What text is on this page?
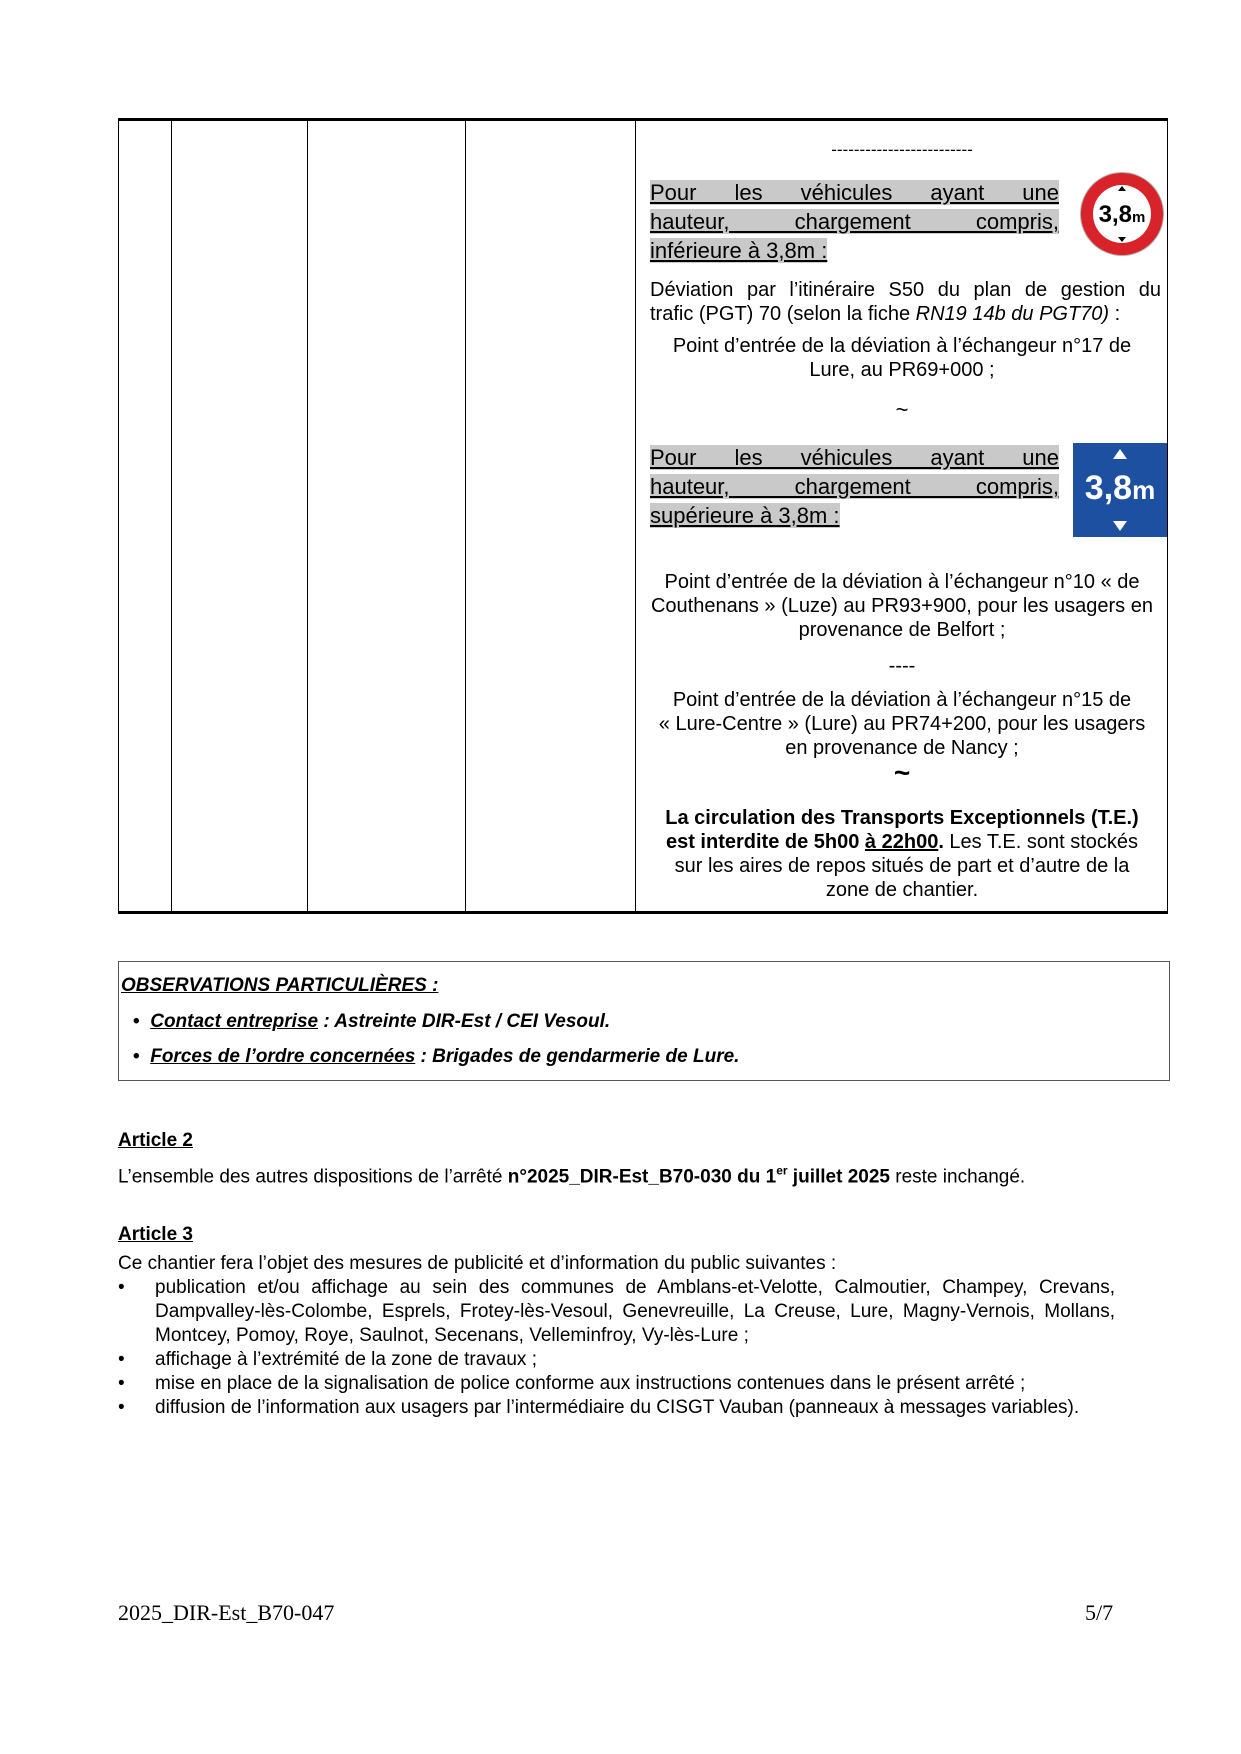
-------------------------
Pour les véhicules ayant une
hauteur, chargement compris,

inférieure à 3,8m :
3,8m
Déviation par l’itinéraire S50 du plan de gestion du
trafic (PGT) 70 (selon la fiche RN19 14b du PGT70) :
Point d’entrée de la déviation à l’échangeur n°17 de
Lure, au PR69+000 ;
~
Pour les véhicules ayant une
hauteur, chargement compris,

supérieure à 3,8m :
3,8m
Point d’entrée de la déviation à l’échangeur n°10 « de
Couthenans » (Luze) au PR93+900, pour les usagers en
provenance de Belfort ;
----
Point d’entrée de la déviation à l’échangeur n°15 de
« Lure-Centre » (Lure) au PR74+200, pour les usagers
en provenance de Nancy ;
~
La circulation des Transports Exceptionnels (T.E.)
est interdite de 5h00 à 22h00. Les T.E. sont stockés
sur les aires de repos situés de part et d’autre de la
zone de chantier.
OBSERVATIONS PARTICULIÈRES :
• Contact entreprise : Astreinte DIR-Est / CEI Vesoul.
• Forces de l’ordre concernées : Brigades de gendarmerie de Lure.
Article 2
L’ensemble des autres dispositions de l’arrêté n°2025_DIR-Est_B70-030 du 1er juillet 2025 reste inchangé.
Article 3
Ce chantier fera l’objet des mesures de publicité et d’information du public suivantes :
• publication et/ou affichage au sein des communes de Amblans-et-Velotte, Calmoutier, Champey, Crevans, Dampvalley-lès-Colombe, Esprels, Frotey-lès-Vesoul, Genevreuille, La Creuse, Lure, Magny-Vernois, Mollans, Montcey, Pomoy, Roye, Saulnot, Secenans, Velleminfroy, Vy-lès-Lure ;
• affichage à l’extrémité de la zone de travaux ;
• mise en place de la signalisation de police conforme aux instructions contenues dans le présent arrêté ;
• diffusion de l’information aux usagers par l’intermédiaire du CISGT Vauban (panneaux à messages variables).
2025_DIR-Est_B70-047	5/7
